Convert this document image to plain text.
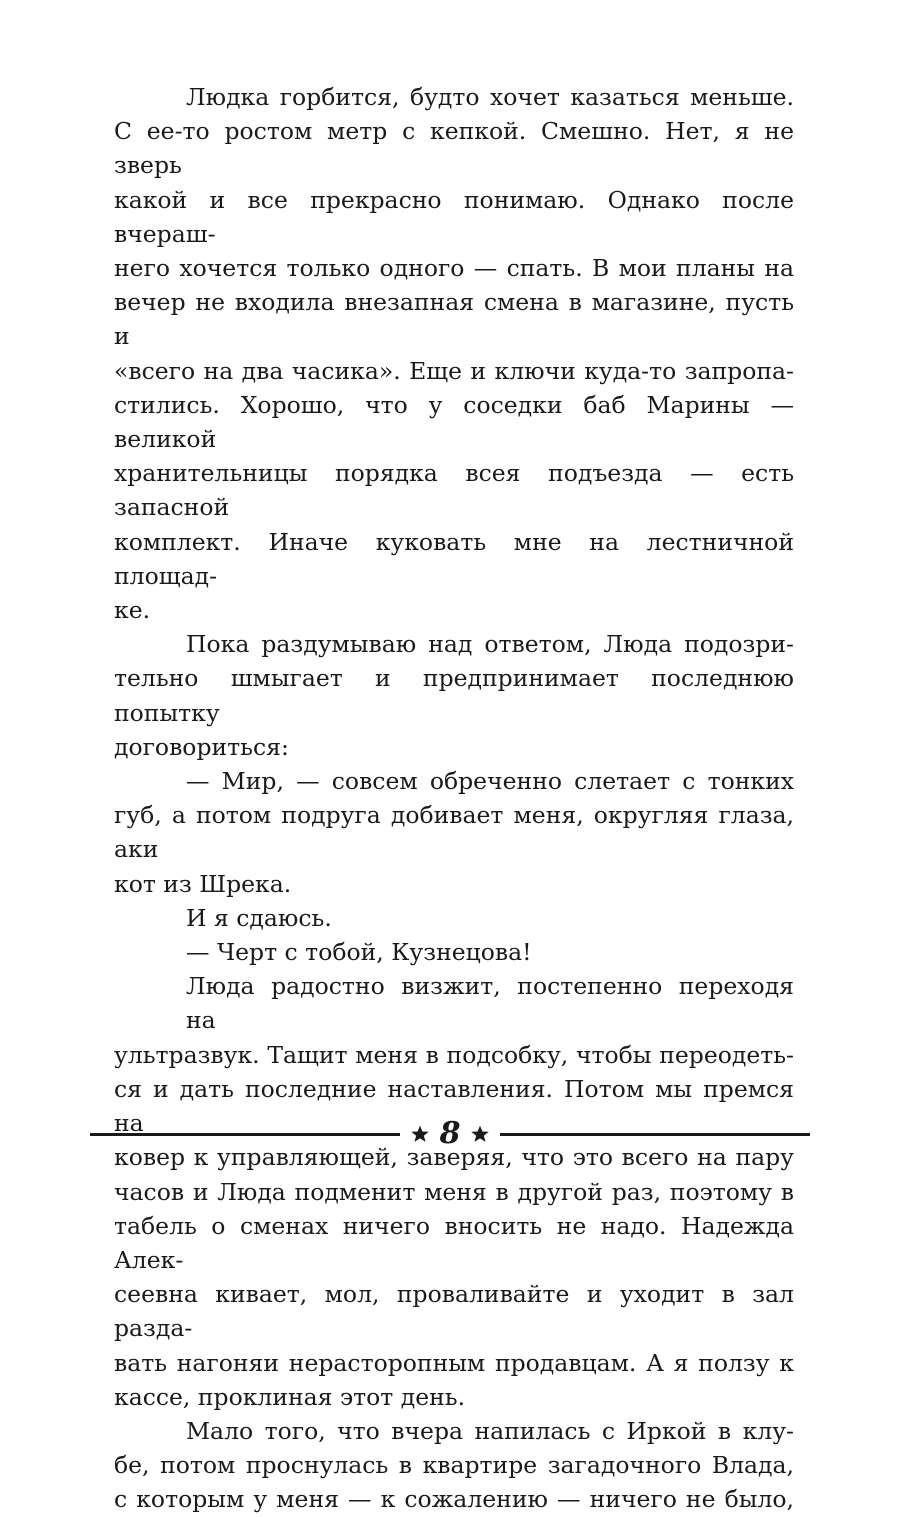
Людка горбится, будто хочет казаться меньше.
С ее-то ростом метр с кепкой. Смешно. Нет, я не зверь
какой и все прекрасно понимаю. Однако после вчераш-
него хочется только одного — спать. В мои планы на
вечер не входила внезапная смена в магазине, пусть и
«всего на два часика». Еще и ключи куда-то запропа-
стились. Хорошо, что у соседки баб Марины — великой
хранительницы порядка всея подъезда — есть запасной
комплект. Иначе куковать мне на лестничной площад-
ке.

Пока раздумываю над ответом, Люда подозри-
тельно шмыгает и предпринимает последнюю попытку
договориться:

— Мир, — совсем обреченно слетает с тонких
губ, а потом подруга добивает меня, округляя глаза, аки
кот из Шрека.

И я сдаюсь.

— Черт с тобой, Кузнецова!

Люда радостно визжит, постепенно переходя на
ультразвук. Тащит меня в подсобку, чтобы переодеть-
ся и дать последние наставления. Потом мы премся на
ковер к управляющей, заверяя, что это всего на пару
часов и Люда подменит меня в другой раз, поэтому в
табель о сменах ничего вносить не надо. Надежда Алек-
сеевна кивает, мол, проваливайте и уходит в зал разда-
вать нагоняи нерасторопным продавцам. А я ползу к
кассе, проклиная этот день.

Мало того, что вчера напилась с Иркой в клу-
бе, потом проснулась в квартире загадочного Влада,
с которым у меня — к сожалению — ничего не было,

8
